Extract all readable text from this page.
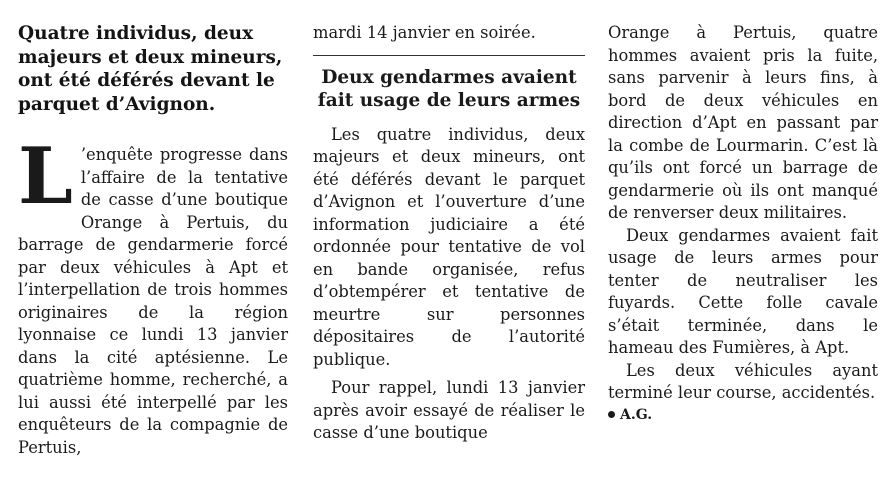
Quatre individus, deux majeurs et deux mineurs, ont été déférés devant le parquet d’Avignon.

L ’enquête progresse dans l’affaire de la tentative de casse d’une boutique Orange à Pertuis, du barrage de gendarmerie forcé par deux véhicules à Apt et l’interpellation de trois hommes originaires de la région lyonnaise ce lundi 13 janvier dans la cité aptésienne. Le quatrième homme, recherché, a lui aussi été interpellé par les enquêteurs de la compagnie de Pertuis,

mardi 14 janvier en soirée.

Deux gendarmes avaient fait usage de leurs armes

Les quatre individus, deux majeurs et deux mineurs, ont été déférés devant le parquet d’Avignon et l’ouverture d’une information judiciaire a été ordonnée pour tentative de vol en bande organisée, refus d’obtempérer et tentative de meurtre sur personnes dépositaires de l’autorité publique.

Pour rappel, lundi 13 janvier après avoir essayé de réaliser le casse d’une boutique

Orange à Pertuis, quatre hommes avaient pris la fuite, sans parvenir à leurs fins, à bord de deux véhicules en direction d’Apt en passant par la combe de Lourmarin. C’est là qu’ils ont forcé un barrage de gendarmerie où ils ont manqué de renverser deux militaires.

Deux gendarmes avaient fait usage de leurs armes pour tenter de neutraliser les fuyards. Cette folle cavale s’était terminée, dans le hameau des Fumières, à Apt.

Les deux véhicules ayant terminé leur course, accidentés.

A.G.
